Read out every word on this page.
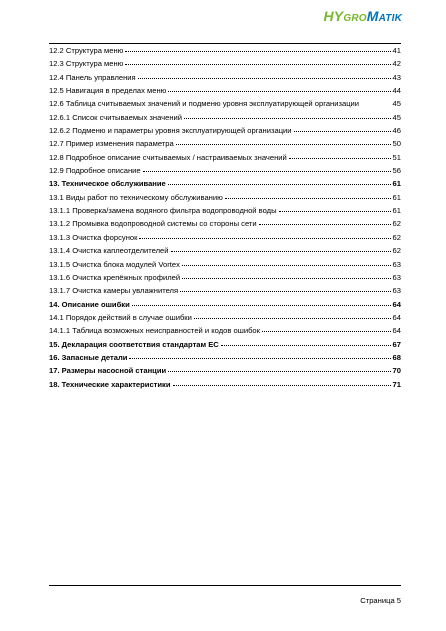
HYGROMATIK
12.2 Структура меню	41
12.3 Структура меню	42
12.4 Панель управления	43
12.5 Навигация в пределах меню	44
12.6 Таблица считываемых значений и подменю уровня эксплуатирующей организации	45
12.6.1 Список считываемых значений	45
12.6.2 Подменю и параметры уровня эксплуатирующей организации	46
12.7 Пример изменения параметра	50
12.8 Подробное описание считываемых / настраиваемых значений	51
12.9 Подробное описание	56
13. Техническое обслуживание	61
13.1 Виды работ по техническому обслуживанию	61
13.1.1 Проверка/замена водяного фильтра водопроводной воды	61
13.1.2 Промывка водопроводной системы со стороны сети	62
13.1.3 Очистка форсунок	62
13.1.4 Очистка каплеотделителей	62
13.1.5 Очистка блока модулей Vortex	63
13.1.6 Очистка крепёжных профилей	63
13.1.7 Очистка камеры увлажнителя	63
14. Описание ошибки	64
14.1 Порядок действий в случае ошибки	64
14.1.1 Таблица возможных неисправностей и кодов ошибок	64
15. Декларация соответствия стандартам ЕС	67
16. Запасные детали	68
17. Размеры насосной станции	70
18. Технические характеристики	71
Страница 5
